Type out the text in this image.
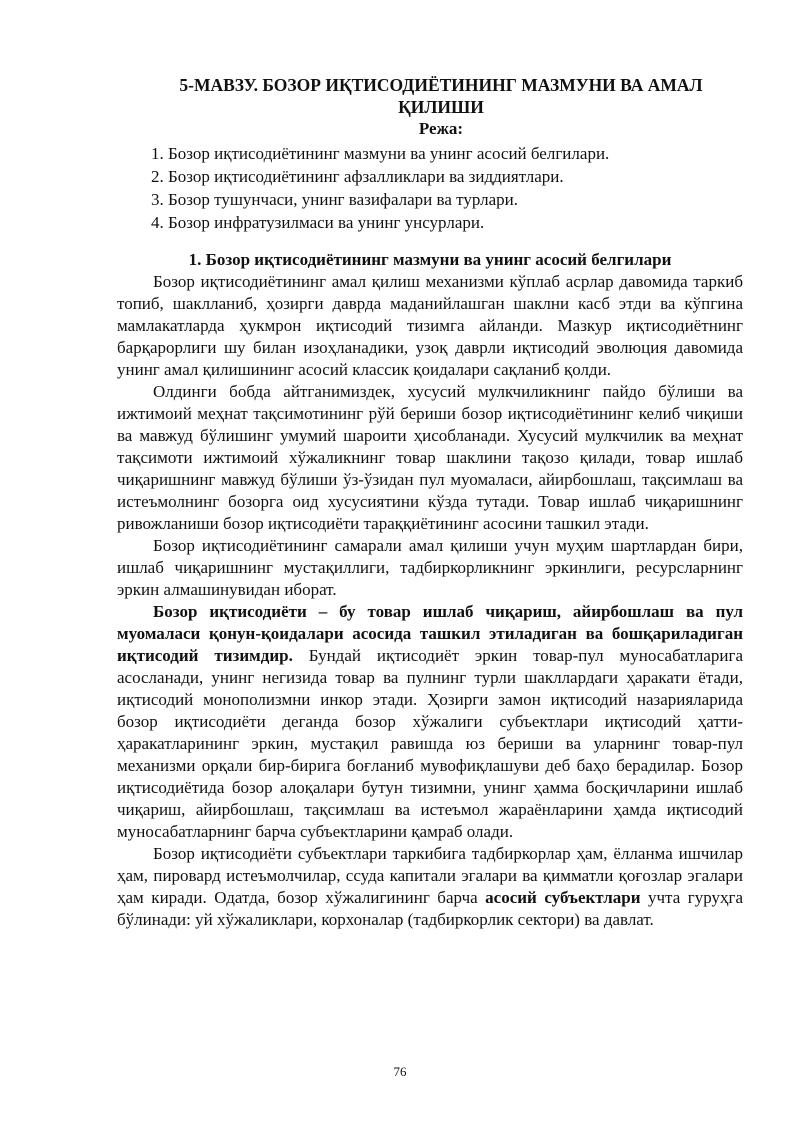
5-МАВЗУ. БОЗОР ИҚТИСОДИЁТИНИНГ МАЗМУНИ ВА АМАЛ ҚИЛИШИ
Режа:
1. Бозор иқтисодиётининг мазмуни ва унинг асосий белгилари.
2. Бозор иқтисодиётининг афзалликлари ва зиддиятлари.
3. Бозор тушунчаси, унинг вазифалари ва турлари.
4. Бозор инфратузилмаси ва унинг унсурлари.
1. Бозор иқтисодиётининг мазмуни ва унинг асосий белгилари

Бозор иқтисодиётининг амал қилиш механизми кўплаб асрлар давомида таркиб топиб, шаклланиб, ҳозирги даврда маданийлашган шаклни касб этди ва кўпгина мамлакатларда ҳукмрон иқтисодий тизимга айланди. Мазкур иқтисодиётнинг барқарорлиги шу билан изоҳланадики, узоқ даврли иқтисодий эволюция давомида унинг амал қилишининг асосий классик қоидалари сақланиб қолди.

Олдинги бобда айтганимиздек, хусусий мулкчиликнинг пайдо бўлиши ва ижтимоий меҳнат тақсимотининг рўй бериши бозор иқтисодиётининг келиб чиқиши ва мавжуд бўлишинг умумий шароити ҳисобланади. Хусусий мулкчилик ва меҳнат тақсимоти ижтимоий хўжаликнинг товар шаклини тақозо қилади, товар ишлаб чиқаришнинг мавжуд бўлиши ўз-ўзидан пул муомаласи, айирбошлаш, тақсимлаш ва истеъмолнинг бозорга оид хусусиятини кўзда тутади. Товар ишлаб чиқаришнинг ривожланиши бозор иқтисодиёти тараққиётининг асосини ташкил этади.

Бозор иқтисодиётининг самарали амал қилиши учун муҳим шартлардан бири, ишлаб чиқаришнинг мустақиллиги, тадбиркорликнинг эркинлиги, ресурсларнинг эркин алмашинувидан иборат.

Бозор иқтисодиёти – бу товар ишлаб чиқариш, айирбошлаш ва пул муомаласи қонун-қоидалари асосида ташкил этиладиган ва бошқариладиган иқтисодий тизимдир. Бундай иқтисодиёт эркин товар-пул муносабатларига асосланади, унинг негизида товар ва пулнинг турли шакллардаги ҳаракати ётади, иқтисодий монополизмни инкор этади. Ҳозирги замон иқтисодий назарияларида бозор иқтисодиёти деганда бозор хўжалиги субъектлари иқтисодий ҳатти-ҳаракатларининг эркин, мустақил равишда юз бериши ва уларнинг товар-пул механизми орқали бир-бирига боғланиб мувофиқлашуви деб баҳо берадилар. Бозор иқтисодиётида бозор алоқалари бутун тизимни, унинг ҳамма босқичларини ишлаб чиқариш, айирбошлаш, тақсимлаш ва истеъмол жараёнларини ҳамда иқтисодий муносабатларнинг барча субъектларини қамраб олади.

Бозор иқтисодиёти субъектлари таркибига тадбиркорлар ҳам, ёлланма ишчилар ҳам, пировард истеъмолчилар, ссуда капитали эгалари ва қимматли қоғозлар эгалари ҳам киради. Одатда, бозор хўжалигининг барча асосий субъектлари учта гуруҳга бўлинади: уй хўжаликлари, корхоналар (тадбиркорлик сектори) ва давлат.

76
